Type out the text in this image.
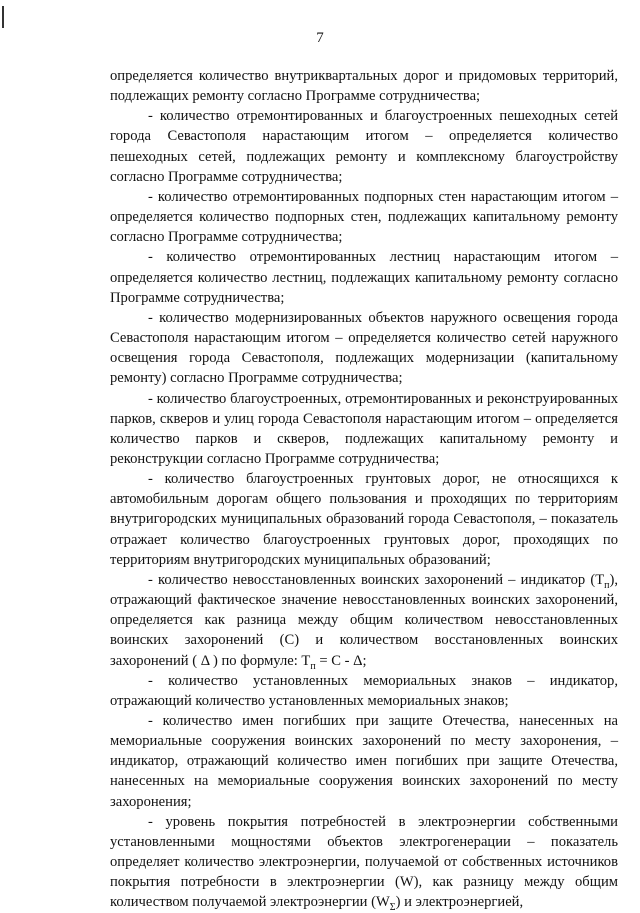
7

определяется количество внутриквартальных дорог и придомовых территорий, подлежащих ремонту согласно Программе сотрудничества;

- количество отремонтированных и благоустроенных пешеходных сетей города Севастополя нарастающим итогом – определяется количество пешеходных сетей, подлежащих ремонту и комплексному благоустройству согласно Программе сотрудничества;

- количество отремонтированных подпорных стен нарастающим итогом – определяется количество подпорных стен, подлежащих капитальному ремонту согласно Программе сотрудничества;

- количество отремонтированных лестниц нарастающим итогом – определяется количество лестниц, подлежащих капитальному ремонту согласно Программе сотрудничества;

- количество модернизированных объектов наружного освещения города Севастополя нарастающим итогом – определяется количество сетей наружного освещения города Севастополя, подлежащих модернизации (капитальному ремонту) согласно Программе сотрудничества;

- количество благоустроенных, отремонтированных и реконструированных парков, скверов и улиц города Севастополя нарастающим итогом – определяется количество парков и скверов, подлежащих капитальному ремонту и реконструкции согласно Программе сотрудничества;

- количество благоустроенных грунтовых дорог, не относящихся к автомобильным дорогам общего пользования и проходящих по территориям внутригородских муниципальных образований города Севастополя, – показатель отражает количество благоустроенных грунтовых дорог, проходящих по территориям внутригородских муниципальных образований;

- количество невосстановленных воинских захоронений – индикатор $(Т_п)$, отражающий фактическое значение невосстановленных воинских захоронений, определяется как разница между общим количеством невосстановленных воинских захоронений (С) и количеством восстановленных воинских захоронений ( Δ ) по формуле: $Т_п = С - \Delta$;

- количество установленных мемориальных знаков – индикатор, отражающий количество установленных мемориальных знаков;

- количество имен погибших при защите Отечества, нанесенных на мемориальные сооружения воинских захоронений по месту захоронения, – индикатор, отражающий количество имен погибших при защите Отечества, нанесенных на мемориальные сооружения воинских захоронений по месту захоронения;

- уровень покрытия потребностей в электроэнергии собственными установленными мощностями объектов электрогенерации – показатель определяет количество электроэнергии, получаемой от собственных источников покрытия потребности в электроэнергии (W), как разницу между общим количеством получаемой электроэнергии $(W_\Sigma)$ и электроэнергией,
